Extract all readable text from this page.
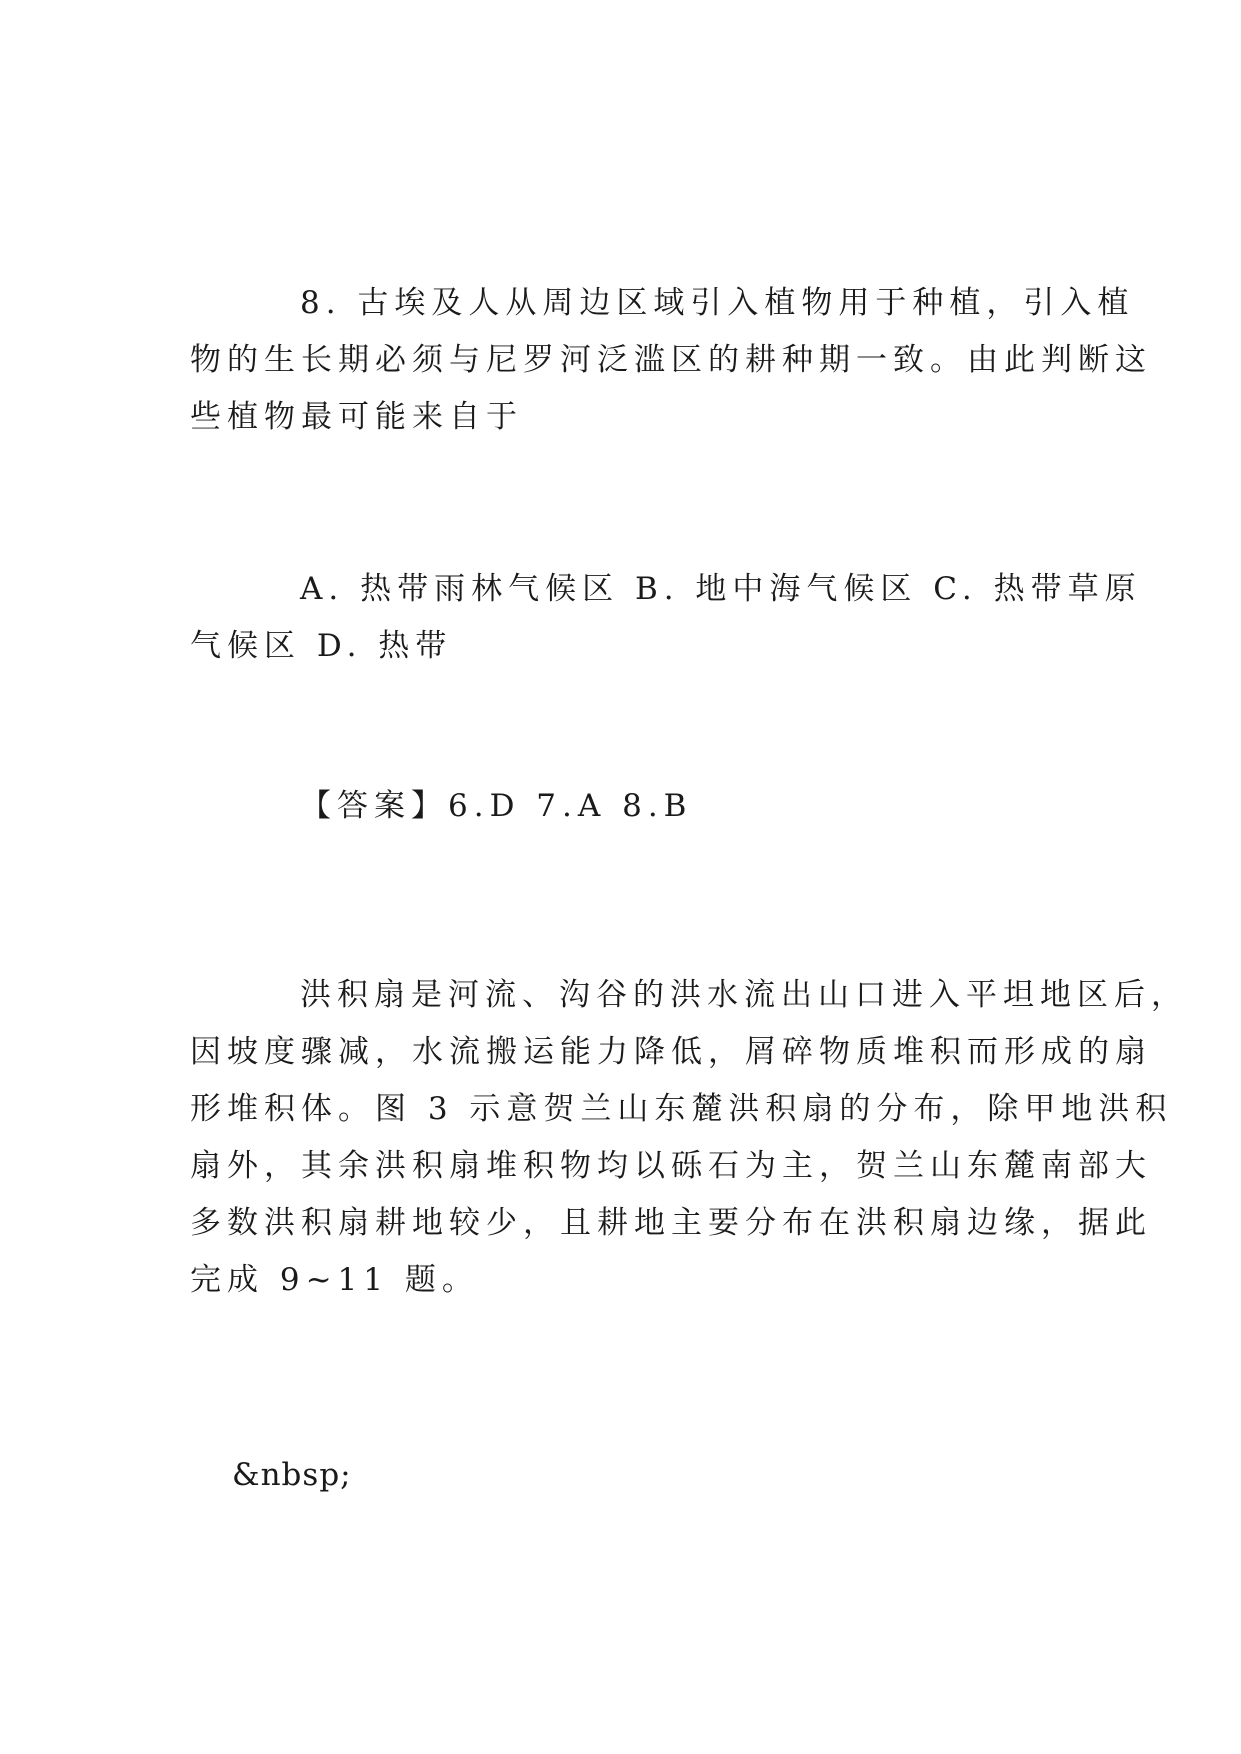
8. 古埃及人从周边区域引入植物用于种植，引入植
物的生长期必须与尼罗河泛滥区的耕种期一致。由此判断这
些植物最可能来自于
A. 热带雨林气候区 B. 地中海气候区 C. 热带草原
气候区 D. 热带
【答案】6.D 7.A 8.B
洪积扇是河流、沟谷的洪水流出山口进入平坦地区后，
因坡度骤减，水流搬运能力降低，屑碎物质堆积而形成的扇
形堆积体。图 3 示意贺兰山东麓洪积扇的分布，除甲地洪积
扇外，其余洪积扇堆积物均以砾石为主，贺兰山东麓南部大
多数洪积扇耕地较少，且耕地主要分布在洪积扇边缘，据此
完成 9~11 题。
&nbsp;
